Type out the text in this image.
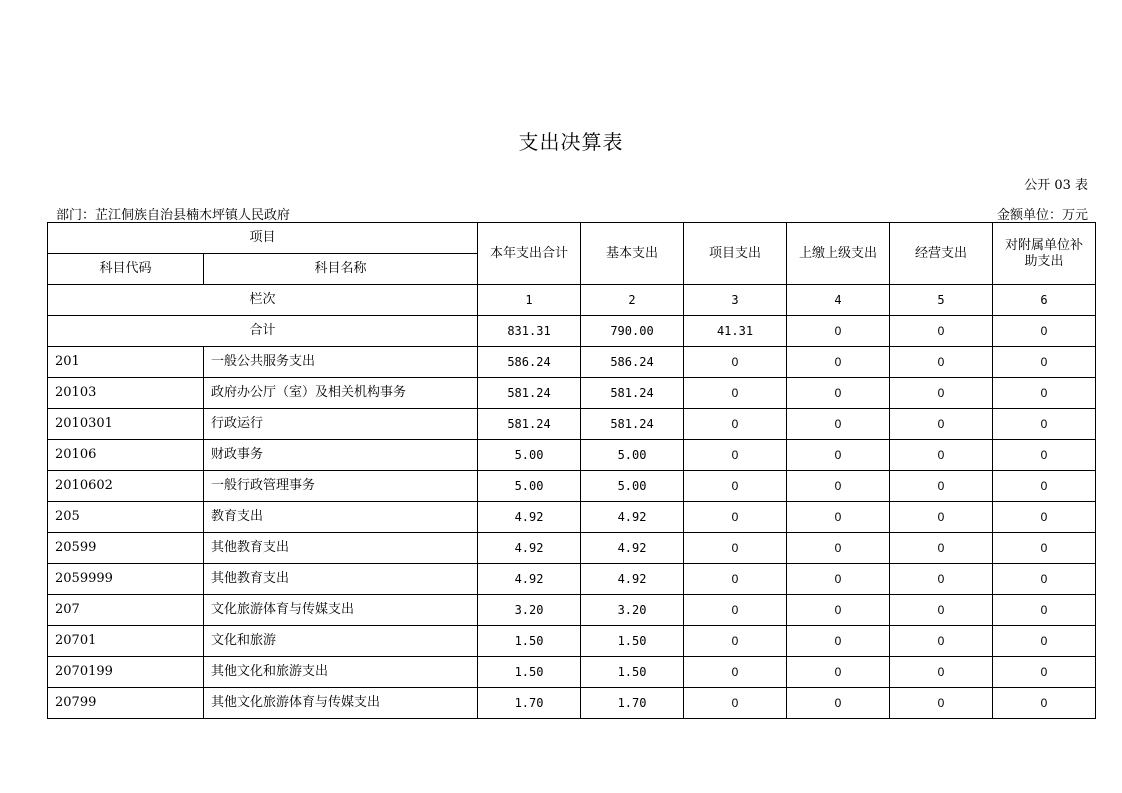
支出决算表
公开 03 表
部门：芷江侗族自治县楠木坪镇人民政府	金额单位：万元
项目		本年支出合计	基本支出	项目支出	上缴上级支出	经营支出	对附属单位补助支出
科目代码	科目名称						
栏次		1	2	3	4	5	6
合计		831.31	790.00	41.31	0	0	0
201	一般公共服务支出	586.24	586.24	0	0	0	0
20103	政府办公厅（室）及相关机构事务	581.24	581.24	0	0	0	0
2010301	行政运行	581.24	581.24	0	0	0	0
20106	财政事务	5.00	5.00	0	0	0	0
2010602	一般行政管理事务	5.00	5.00	0	0	0	0
205	教育支出	4.92	4.92	0	0	0	0
20599	其他教育支出	4.92	4.92	0	0	0	0
2059999	其他教育支出	4.92	4.92	0	0	0	0
207	文化旅游体育与传媒支出	3.20	3.20	0	0	0	0
20701	文化和旅游	1.50	1.50	0	0	0	0
2070199	其他文化和旅游支出	1.50	1.50	0	0	0	0
20799	其他文化旅游体育与传媒支出	1.70	1.70	0	0	0	0
